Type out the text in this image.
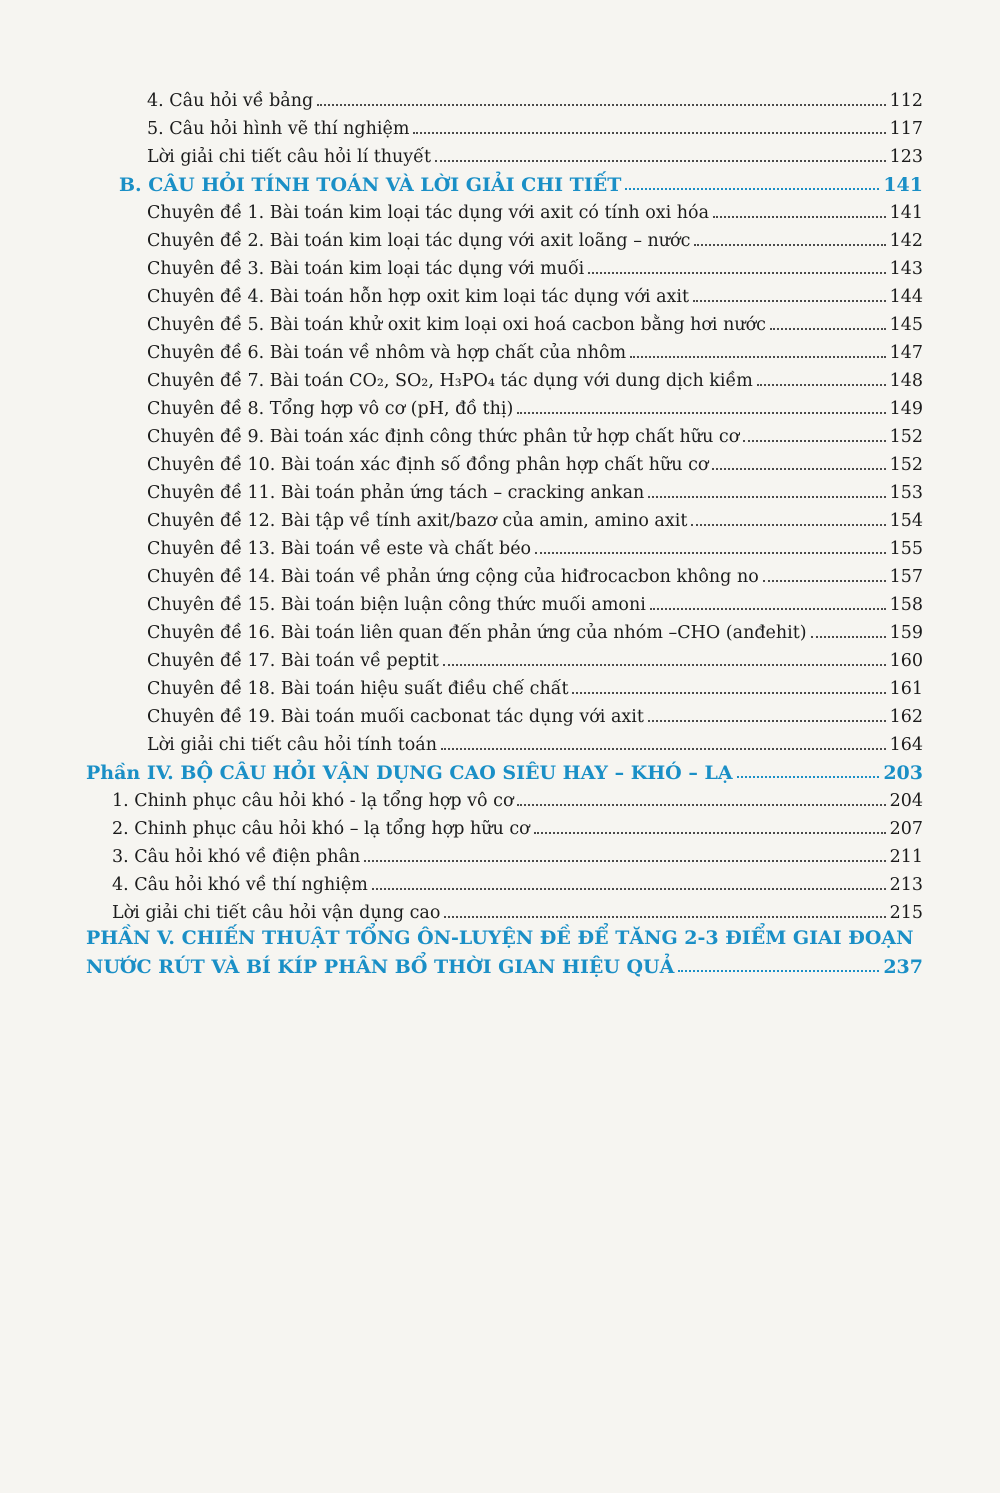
4. Câu hỏi về bảng	112
5. Câu hỏi hình vẽ thí nghiệm	117
Lời giải chi tiết câu hỏi lí thuyết	123
B. CÂU HỎI TÍNH TOÁN VÀ LỜI GIẢI CHI TIẾT	141
Chuyên đề 1. Bài toán kim loại tác dụng với axit có tính oxi hóa	141
Chuyên đề 2. Bài toán kim loại tác dụng với axit loãng – nước	142
Chuyên đề 3. Bài toán kim loại tác dụng với muối	143
Chuyên đề 4. Bài toán hỗn hợp oxit kim loại tác dụng với axit	144
Chuyên đề 5. Bài toán khử oxit kim loại oxi hoá cacbon bằng hơi nước	145
Chuyên đề 6. Bài toán về nhôm và hợp chất của nhôm	147
Chuyên đề 7. Bài toán CO₂, SO₂, H₃PO₄ tác dụng với dung dịch kiềm	148
Chuyên đề 8. Tổng hợp vô cơ (pH, đồ thị)	149
Chuyên đề 9. Bài toán xác định công thức phân tử hợp chất hữu cơ	152
Chuyên đề 10. Bài toán xác định số đồng phân hợp chất hữu cơ	152
Chuyên đề 11. Bài toán phản ứng tách – cracking ankan	153
Chuyên đề 12. Bài tập về tính axit/bazơ của amin, amino axit	154
Chuyên đề 13. Bài toán về este và chất béo	155
Chuyên đề 14. Bài toán về phản ứng cộng của hiđrocacbon không no	157
Chuyên đề 15. Bài toán biện luận công thức muối amoni	158
Chuyên đề 16. Bài toán liên quan đến phản ứng của nhóm –CHO (anđehit)	159
Chuyên đề 17. Bài toán về peptit	160
Chuyên đề 18. Bài toán hiệu suất điều chế chất	161
Chuyên đề 19. Bài toán muối cacbonat tác dụng với axit	162
Lời giải chi tiết câu hỏi tính toán	164
Phần IV. BỘ CÂU HỎI VẬN DỤNG CAO SIÊU HAY – KHÓ – LẠ	203
1. Chinh phục câu hỏi khó - lạ tổng hợp vô cơ	204
2. Chinh phục câu hỏi khó – lạ tổng hợp hữu cơ	207
3. Câu hỏi khó về điện phân	211
4. Câu hỏi khó về thí nghiệm	213
Lời giải chi tiết câu hỏi vận dụng cao	215
PHẦN V. CHIẾN THUẬT TỔNG ÔN-LUYỆN ĐỀ ĐỂ TĂNG 2-3 ĐIỂM GIAI ĐOẠN
NƯỚC RÚT VÀ BÍ KÍP PHÂN BỔ THỜI GIAN HIỆU QUẢ	237
